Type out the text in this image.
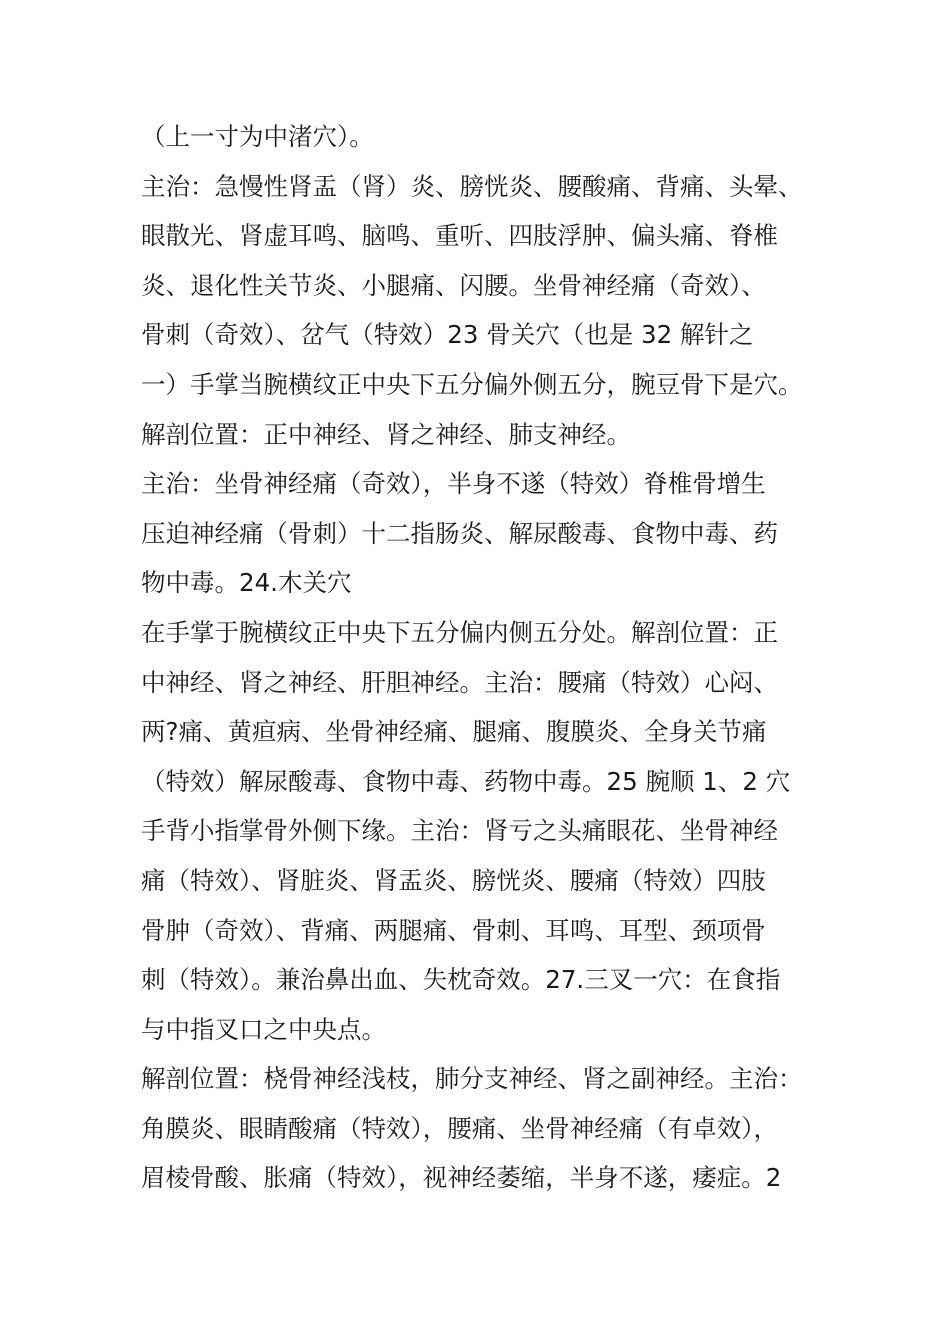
（上一寸为中渚穴）。
主治：急慢性肾盂（肾）炎、膀恍炎、腰酸痛、背痛、头晕、
眼散光、肾虚耳鸣、脑鸣、重听、四肢浮肿、偏头痛、脊椎
炎、退化性关节炎、小腿痛、闪腰。坐骨神经痛（奇效）、
骨刺（奇效）、岔气（特效）23 骨关穴（也是 32 解针之
一）手掌当腕横纹正中央下五分偏外侧五分，腕豆骨下是穴。
解剖位置：正中神经、肾之神经、肺支神经。
主治：坐骨神经痛（奇效），半身不遂（特效）脊椎骨增生
压迫神经痛（骨刺）十二指肠炎、解尿酸毒、食物中毒、药
物中毒。24.木关穴
在手掌于腕横纹正中央下五分偏内侧五分处。解剖位置：正
中神经、肾之神经、肝胆神经。主治：腰痛（特效）心闷、
两?痛、黄疸病、坐骨神经痛、腿痛、腹膜炎、全身关节痛
（特效）解尿酸毒、食物中毒、药物中毒。25 腕顺 1、2 穴
手背小指掌骨外侧下缘。主治：肾亏之头痛眼花、坐骨神经
痛（特效）、肾脏炎、肾盂炎、膀恍炎、腰痛（特效）四肢
骨肿（奇效）、背痛、两腿痛、骨刺、耳鸣、耳型、颈项骨
刺（特效）。兼治鼻出血、失枕奇效。27.三叉一穴：在食指
与中指叉口之中央点。
解剖位置：桡骨神经浅枝，肺分支神经、肾之副神经。主治：
角膜炎、眼睛酸痛（特效），腰痛、坐骨神经痛（有卓效），
眉棱骨酸、胀痛（特效），视神经萎缩，半身不遂，痿症。2
